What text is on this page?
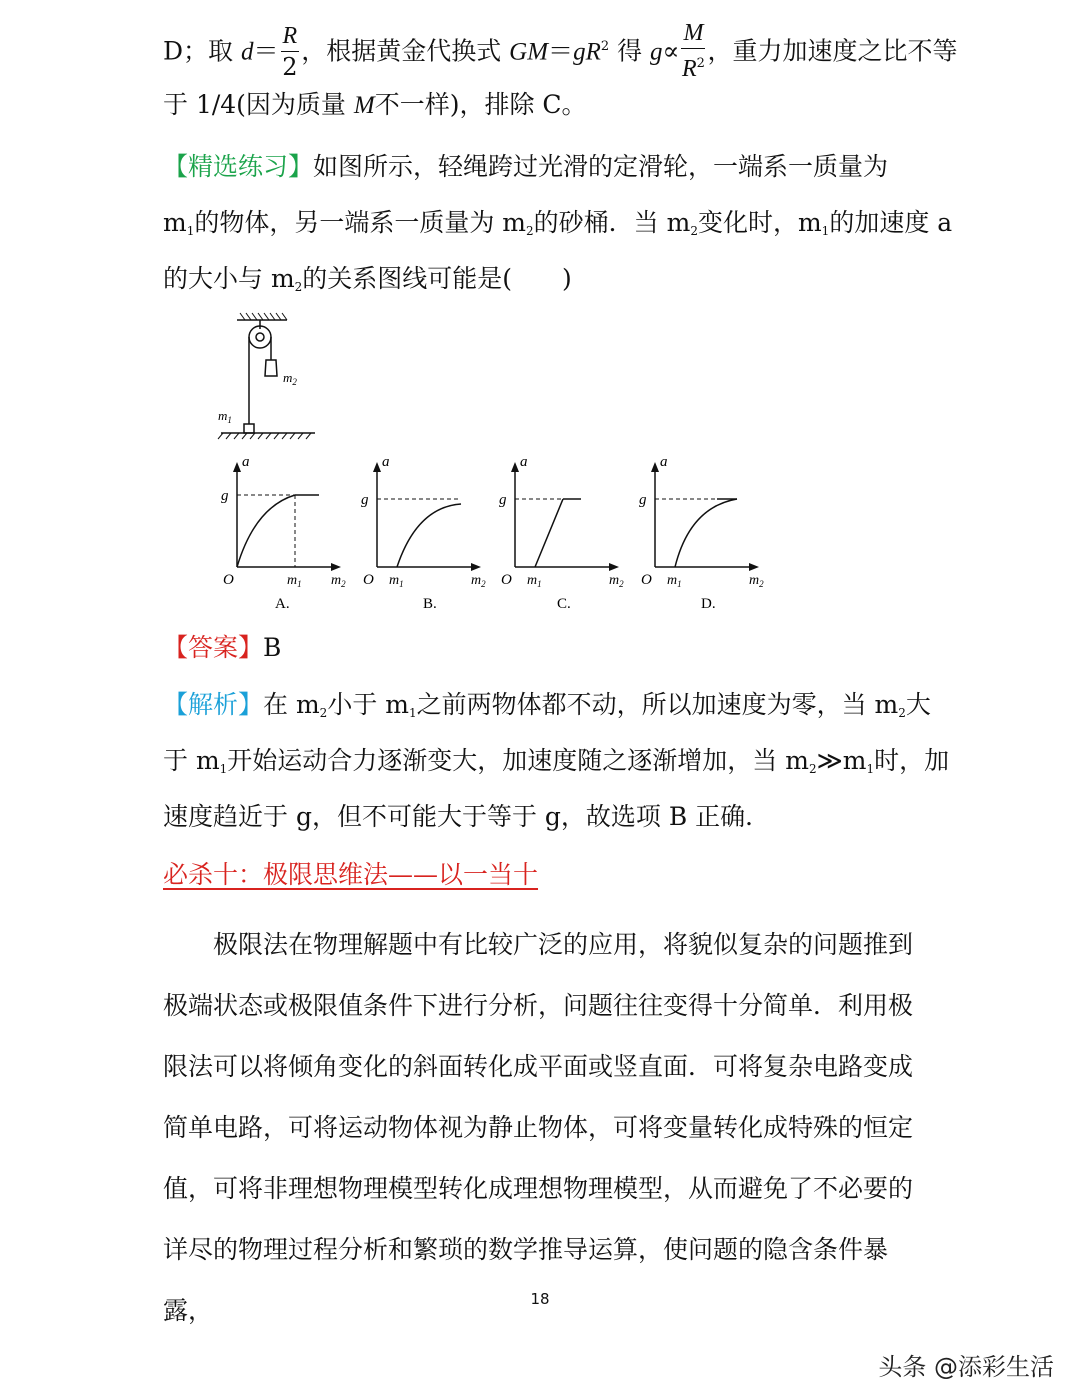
D；取 $d= \frac{R}{2}$ ，根据黄金代换式 $GM=gR^2$ 得 $g\propto \frac{M}{R^2}$ ，重力加速度之比不等
于 1/4(因为质量 M不一样)，排除 C。
【精选练习】如图所示，轻绳跨过光滑的定滑轮，一端系一质量为
$m_1$的物体，另一端系一质量为 $m_2$的砂桶．当 $m_2$变化时，$m_1$的加速度 a
的大小与 $m_2$的关系图线可能是(　　)
$m_2$
$m_1$
a
g
O	$m_1$ $m_2$
A.
a
g
O $m_1$	$m_2$
B.
a
g
O $m_1$	$m_2$
C.
a
g
O $m_1$	$m_2$
D.
【答案】B
【解析】在 $m_2$小于 $m_1$之前两物体都不动，所以加速度为零，当 $m_2$大
于 $m_1$开始运动合力逐渐变大，加速度随之逐渐增加，当 $m_2≫m_1$时，加
速度趋近于 g，但不可能大于等于 g，故选项 B 正确．
必杀十：极限思维法——以一当十
极限法在物理解题中有比较广泛的应用，将貌似复杂的问题推到极端状态或极限值条件下进行分析，问题往往变得十分简单．利用极限法可以将倾角变化的斜面转化成平面或竖直面．可将复杂电路变成简单电路，可将运动物体视为静止物体，可将变量转化成特殊的恒定值，可将非理想物理模型转化成理想物理模型，从而避免了不必要的详尽的物理过程分析和繁琐的数学推导运算，使问题的隐含条件暴露，	18
头条 @添彩生活
